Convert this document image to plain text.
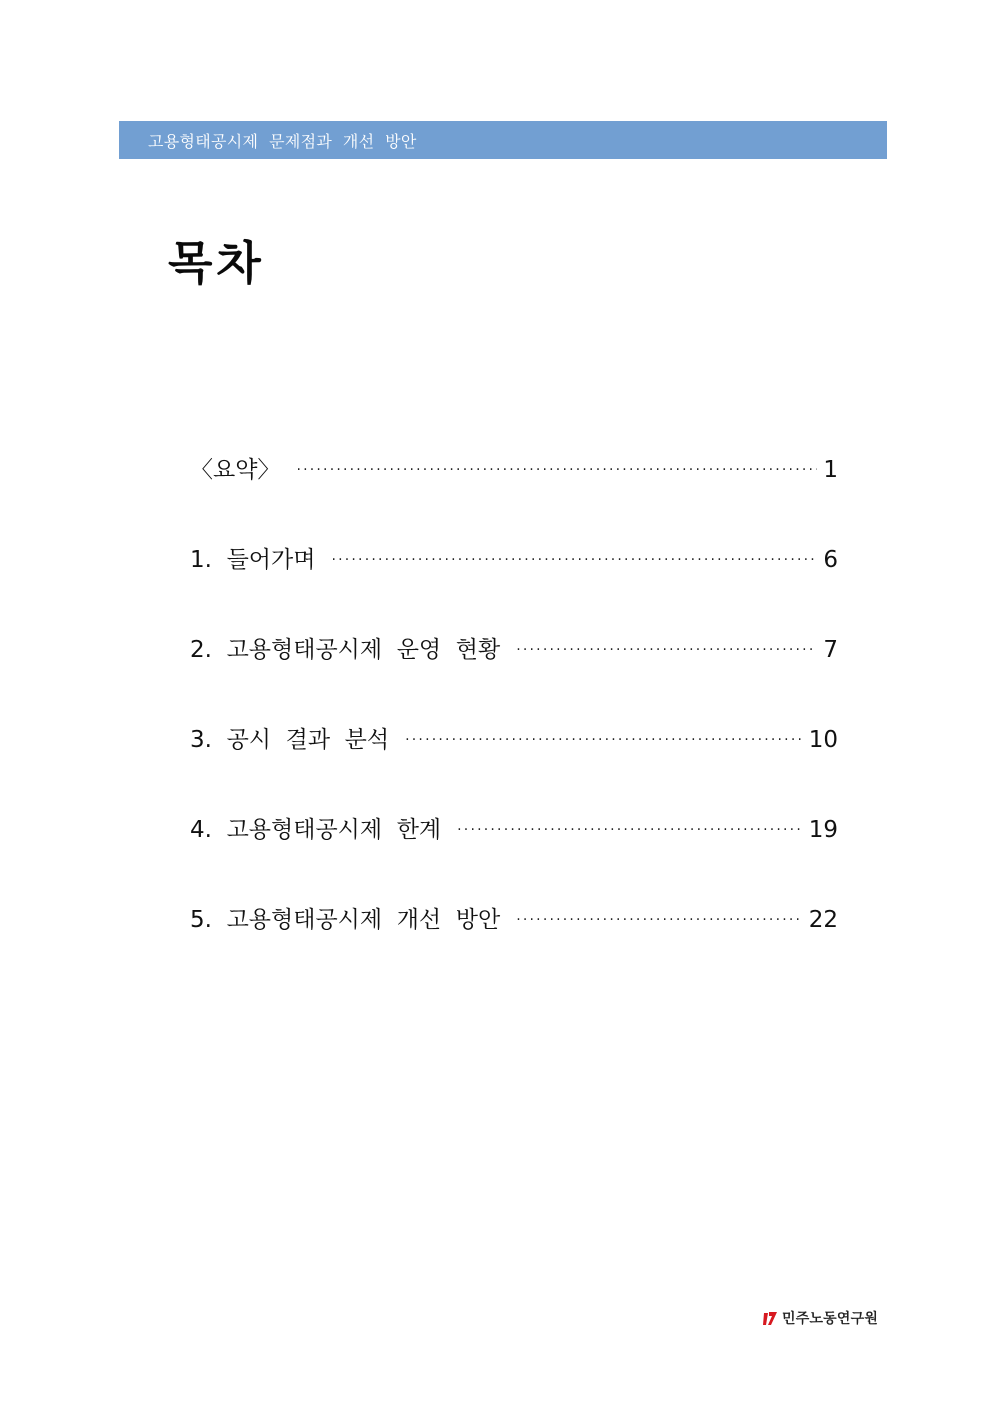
고용형태공시제  문제점과  개선  방안
목차
〈요약〉 ·····	1
1.  들어가며 ·····	6
2.  고용형태공시제  운영  현황 ·····	7
3.  공시  결과  분석 ·····	10
4.  고용형태공시제  한계 ·····	19
5.  고용형태공시제  개선  방안 ·····	22
민주노동연구원
